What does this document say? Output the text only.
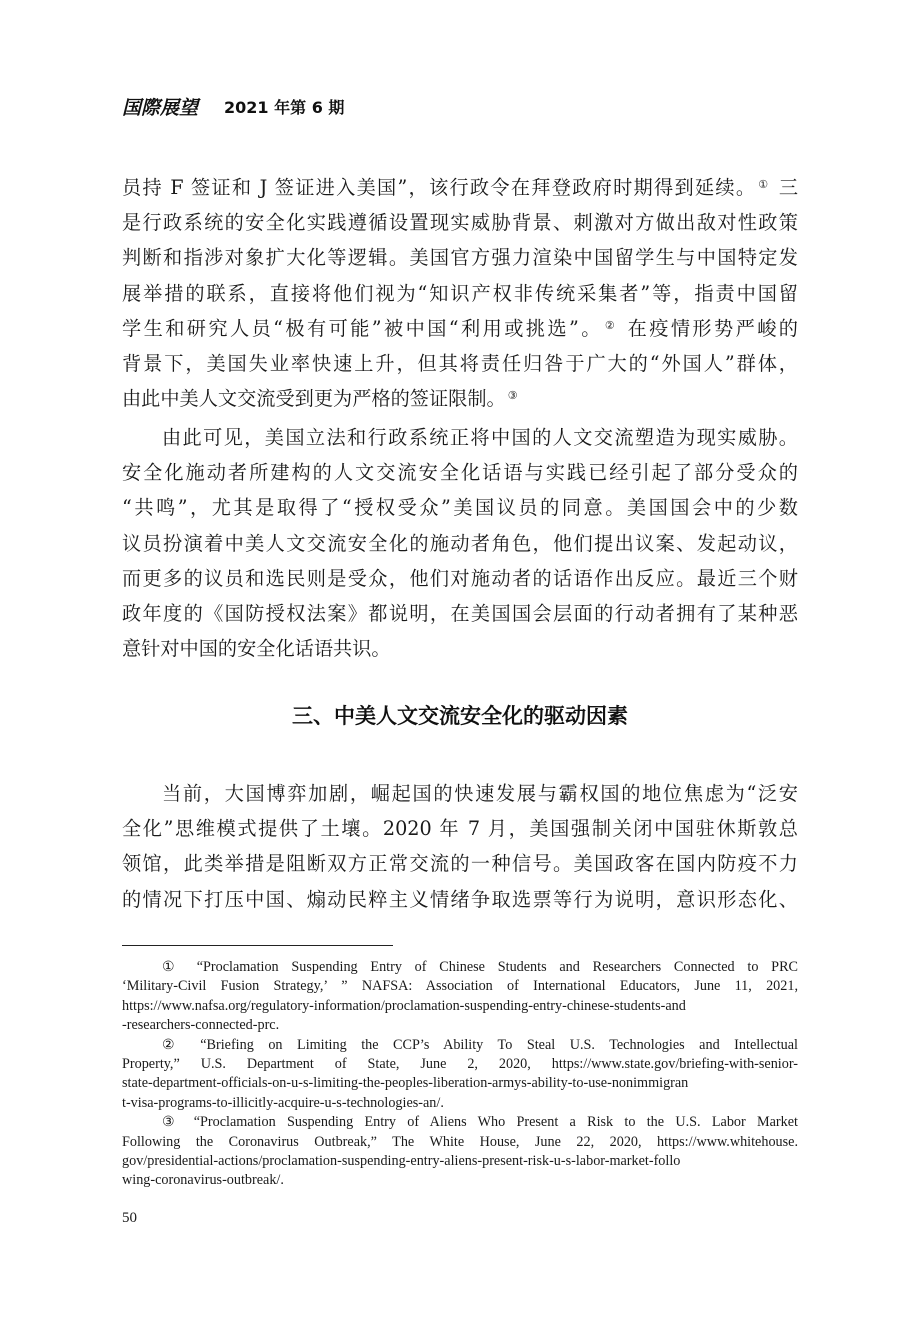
国際展望 2021 年第 6 期
员持 F 签证和 J 签证进入美国”，该行政令在拜登政府时期得到延续。 ① 三
是行政系统的安全化实践遵循设置现实威胁背景、刺激对方做出敌对性政策
判断和指涉对象扩大化等逻辑。美国官方强力渲染中国留学生与中国特定发
展举措的联系，直接将他们视为“知识产权非传统采集者”等，指责中国留
学生和研究人员“极有可能”被中国“利用或挑选”。 ② 在疫情形势严峻的
背景下，美国失业率快速上升，但其将责任归咎于广大的“外国人”群体，
由此中美人文交流受到更为严格的签证限制。 ③
由此可见，美国立法和行政系统正将中国的人文交流塑造为现实威胁。
安全化施动者所建构的人文交流安全化话语与实践已经引起了部分受众的
“共鸣”，尤其是取得了“授权受众”美国议员的同意。美国国会中的少数
议员扮演着中美人文交流安全化的施动者角色，他们提出议案、发起动议，
而更多的议员和选民则是受众，他们对施动者的话语作出反应。最近三个财
政年度的《国防授权法案》都说明，在美国国会层面的行动者拥有了某种恶
意针对中国的安全化话语共识。
三、中美人文交流安全化的驱动因素
当前，大国博弈加剧，崛起国的快速发展与霸权国的地位焦虑为“泛安
全化”思维模式提供了土壤。2020 年 7 月，美国强制关闭中国驻休斯敦总
领馆，此类举措是阻断双方正常交流的一种信号。美国政客在国内防疫不力
的情况下打压中国、煽动民粹主义情绪争取选票等行为说明，意识形态化、
① “Proclamation Suspending Entry of Chinese Students and Researchers Connected to PRC
‘Military-Civil Fusion Strategy,’ ” NAFSA: Association of International Educators, June 11, 2021,
https://www.nafsa.org/regulatory-information/proclamation-suspending-entry-chinese-students-and
-researchers-connected-prc.
② “Briefing on Limiting the CCP’s Ability To Steal U.S. Technologies and Intellectual
Property,” U.S. Department of State, June 2, 2020, https://www.state.gov/briefing-with-senior-
state-department-officials-on-u-s-limiting-the-peoples-liberation-armys-ability-to-use-nonimmigran
t-visa-programs-to-illicitly-acquire-u-s-technologies-an/.
③ “Proclamation Suspending Entry of Aliens Who Present a Risk to the U.S. Labor Market
Following the Coronavirus Outbreak,” The White House, June 22, 2020, https://www.whitehouse.
gov/presidential-actions/proclamation-suspending-entry-aliens-present-risk-u-s-labor-market-follo
wing-coronavirus-outbreak/.
50
